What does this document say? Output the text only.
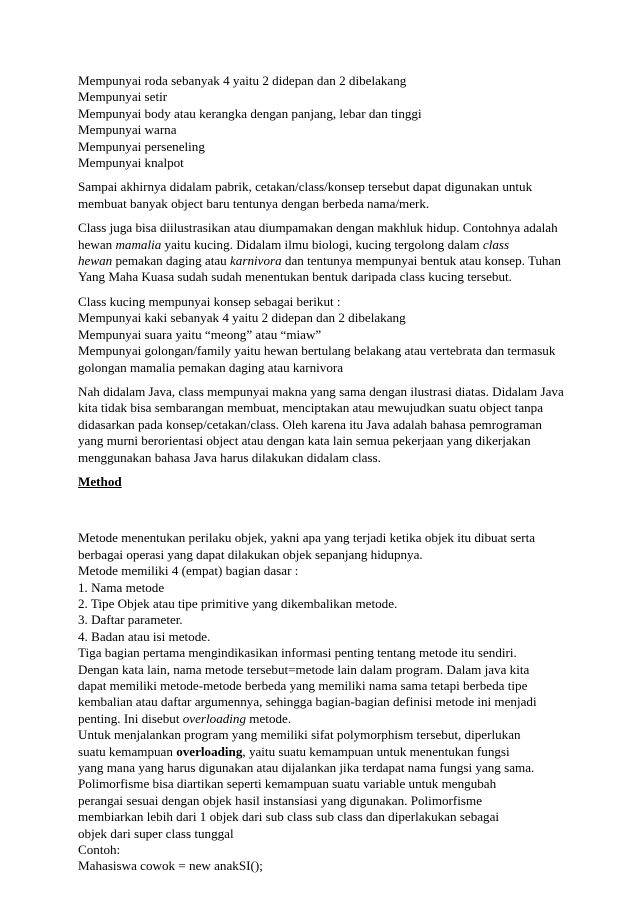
Mempunyai roda sebanyak 4 yaitu 2 didepan dan 2 dibelakang
Mempunyai setir
Mempunyai body atau kerangka dengan panjang, lebar dan tinggi
Mempunyai warna
Mempunyai perseneling
Mempunyai knalpot
Sampai akhirnya didalam pabrik, cetakan/class/konsep tersebut dapat digunakan untuk
membuat banyak object baru tentunya dengan berbeda nama/merk.
Class juga bisa diilustrasikan atau diumpamakan dengan makhluk hidup. Contohnya adalah
hewan mamalia yaitu kucing. Didalam ilmu biologi, kucing tergolong dalam class
hewan pemakan daging atau karnivora dan tentunya mempunyai bentuk atau konsep. Tuhan
Yang Maha Kuasa sudah sudah menentukan bentuk daripada class kucing tersebut.
Class kucing mempunyai konsep sebagai berikut :
Mempunyai kaki sebanyak 4 yaitu 2 didepan dan 2 dibelakang
Mempunyai suara yaitu “meong” atau “miaw”
Mempunyai golongan/family yaitu hewan bertulang belakang atau vertebrata dan termasuk
golongan mamalia pemakan daging atau karnivora
Nah didalam Java, class mempunyai makna yang sama dengan ilustrasi diatas. Didalam Java
kita tidak bisa sembarangan membuat, menciptakan atau mewujudkan suatu object tanpa
didasarkan pada konsep/cetakan/class. Oleh karena itu Java adalah bahasa pemrograman
yang murni berorientasi object atau dengan kata lain semua pekerjaan yang dikerjakan
menggunakan bahasa Java harus dilakukan didalam class.
Method
Metode menentukan perilaku objek, yakni apa yang terjadi ketika objek itu dibuat serta
berbagai operasi yang dapat dilakukan objek sepanjang hidupnya.
Metode memiliki 4 (empat) bagian dasar :
1. Nama metode
2. Tipe Objek atau tipe primitive yang dikembalikan metode.
3. Daftar parameter.
4. Badan atau isi metode.
Tiga bagian pertama mengindikasikan informasi penting tentang metode itu sendiri.
Dengan kata lain, nama metode tersebut=metode lain dalam program. Dalam java kita
dapat memiliki metode-metode berbeda yang memiliki nama sama tetapi berbeda tipe
kembalian atau daftar argumennya, sehingga bagian-bagian definisi metode ini menjadi
penting. Ini disebut overloading metode.
Untuk menjalankan program yang memiliki sifat polymorphism tersebut, diperlukan
suatu kemampuan overloading, yaitu suatu kemampuan untuk menentukan fungsi
yang mana yang harus digunakan atau dijalankan jika terdapat nama fungsi yang sama.
Polimorfisme bisa diartikan seperti kemampuan suatu variable untuk mengubah
perangai sesuai dengan objek hasil instansiasi yang digunakan. Polimorfisme
membiarkan lebih dari 1 objek dari sub class sub class dan diperlakukan sebagai
objek dari super class tunggal
Contoh:
Mahasiswa cowok = new anakSI();
